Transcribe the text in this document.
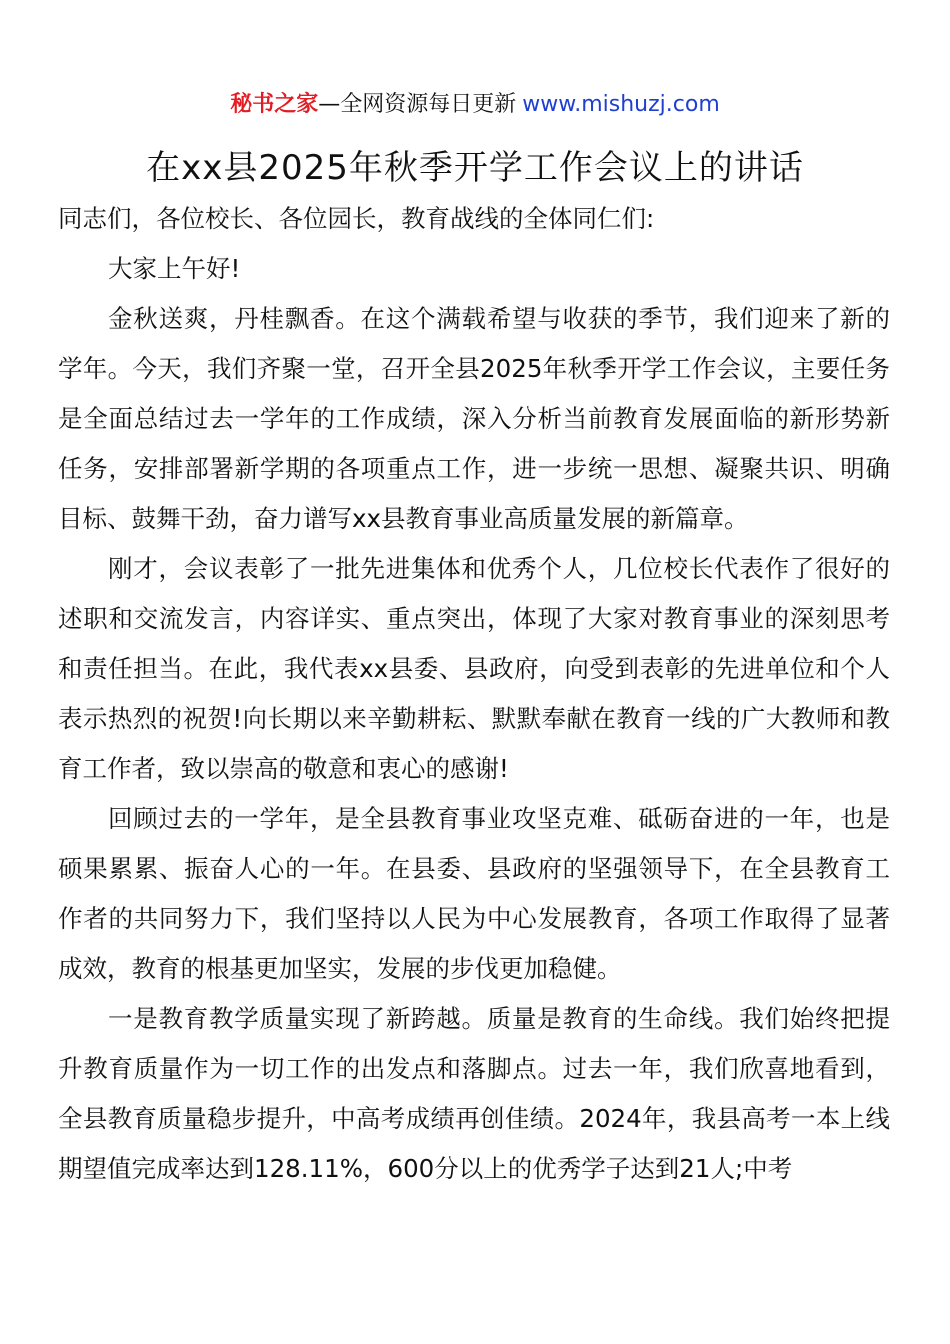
秘书之家—全网资源每日更新 www.mishuzj.com
在xx县2025年秋季开学工作会议上的讲话

同志们，各位校长、各位园长，教育战线的全体同仁们:

大家上午好!

金秋送爽，丹桂飘香。在这个满载希望与收获的季节，我们迎来了新的学年。今天，我们齐聚一堂，召开全县2025年秋季开学工作会议，主要任务是全面总结过去一学年的工作成绩，深入分析当前教育发展面临的新形势新任务，安排部署新学期的各项重点工作，进一步统一思想、凝聚共识、明确目标、鼓舞干劲，奋力谱写xx县教育事业高质量发展的新篇章。

刚才，会议表彰了一批先进集体和优秀个人，几位校长代表作了很好的述职和交流发言，内容详实、重点突出，体现了大家对教育事业的深刻思考和责任担当。在此，我代表xx县委、县政府，向受到表彰的先进单位和个人表示热烈的祝贺!向长期以来辛勤耕耘、默默奉献在教育一线的广大教师和教育工作者，致以崇高的敬意和衷心的感谢!

回顾过去的一学年，是全县教育事业攻坚克难、砥砺奋进的一年，也是硕果累累、振奋人心的一年。在县委、县政府的坚强领导下，在全县教育工作者的共同努力下，我们坚持以人民为中心发展教育，各项工作取得了显著成效，教育的根基更加坚实，发展的步伐更加稳健。

一是教育教学质量实现了新跨越。质量是教育的生命线。我们始终把提升教育质量作为一切工作的出发点和落脚点。过去一年，我们欣喜地看到，全县教育质量稳步提升，中高考成绩再创佳绩。2024年，我县高考一本上线期望值完成率达到128.11%，600分以上的优秀学子达到21人;中考
